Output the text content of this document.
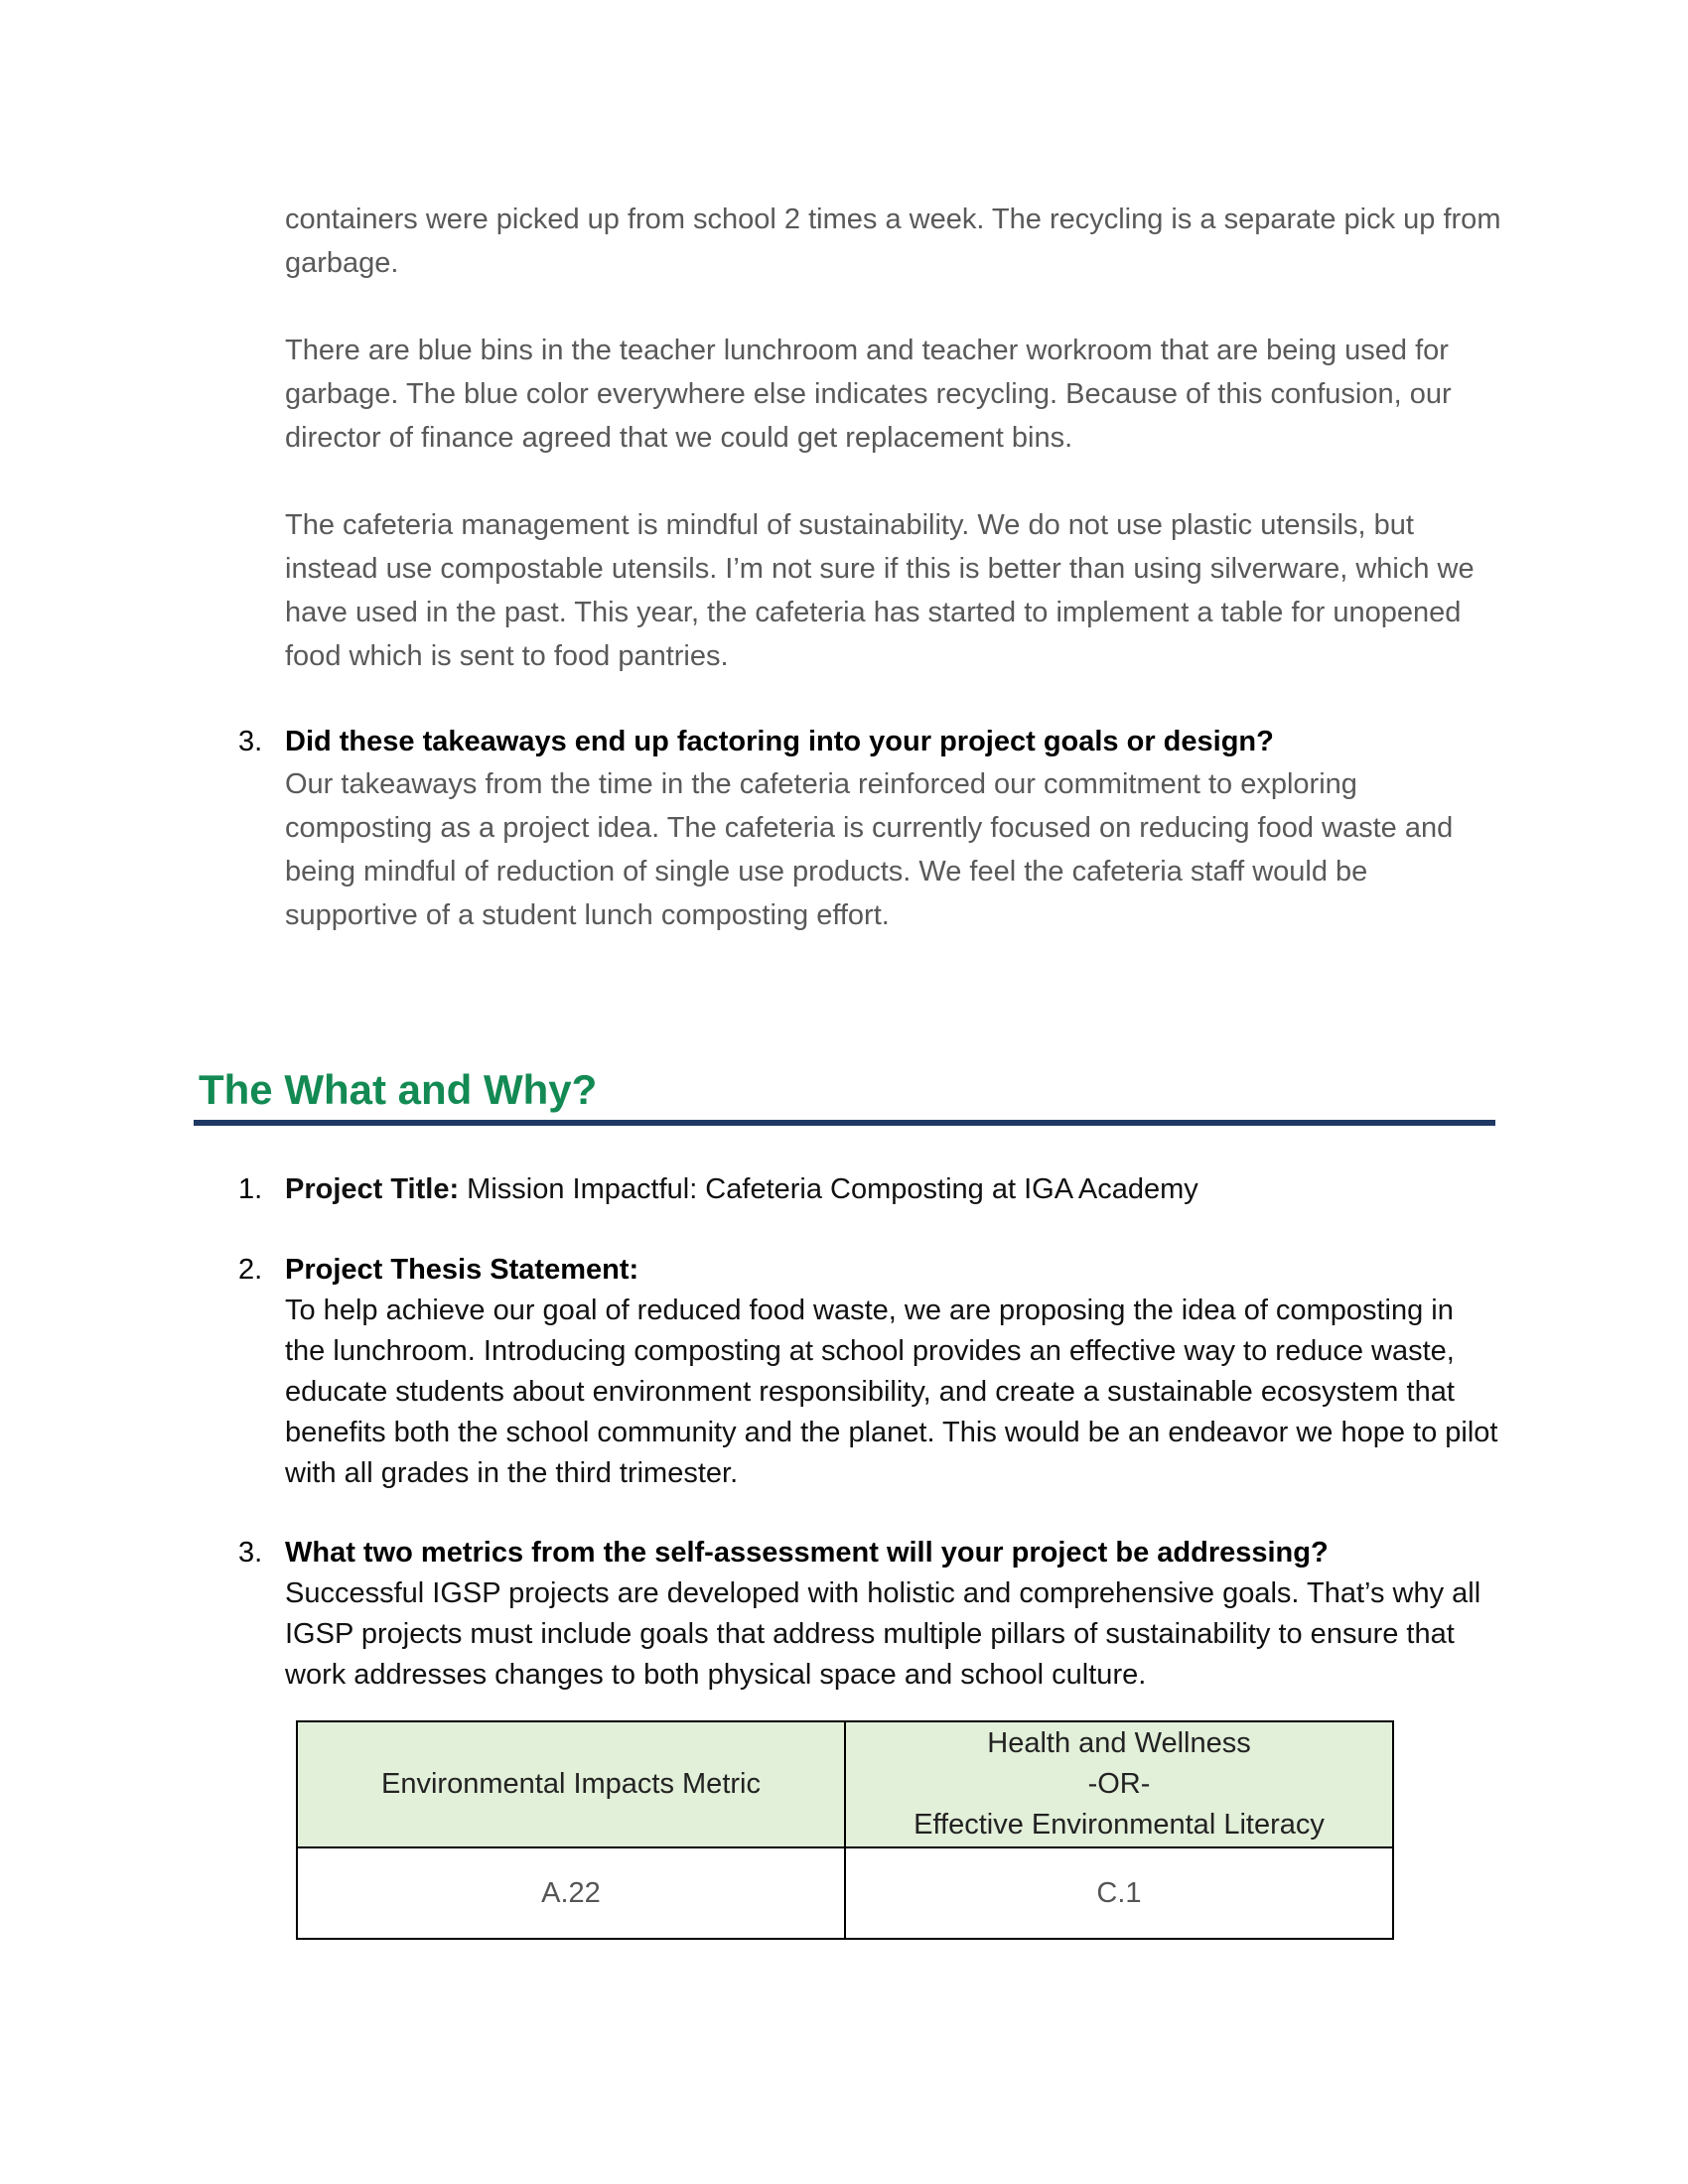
containers were picked up from school 2 times a week. The recycling is a separate pick up from garbage.

There are blue bins in the teacher lunchroom and teacher workroom that are being used for garbage. The blue color everywhere else indicates recycling. Because of this confusion, our director of finance agreed that we could get replacement bins.

The cafeteria management is mindful of sustainability. We do not use plastic utensils, but instead use compostable utensils. I’m not sure if this is better than using silverware, which we have used in the past. This year, the cafeteria has started to implement a table for unopened food which is sent to food pantries.

3. Did these takeaways end up factoring into your project goals or design?

Our takeaways from the time in the cafeteria reinforced our commitment to exploring composting as a project idea. The cafeteria is currently focused on reducing food waste and being mindful of reduction of single use products. We feel the cafeteria staff would be supportive of a student lunch composting effort.

The What and Why?
1. Project Title: Mission Impactful: Cafeteria Composting at IGA Academy

2. Project Thesis Statement:

To help achieve our goal of reduced food waste, we are proposing the idea of composting in the lunchroom. Introducing composting at school provides an effective way to reduce waste, educate students about environment responsibility, and create a sustainable ecosystem that benefits both the school community and the planet. This would be an endeavor we hope to pilot with all grades in the third trimester.

3. What two metrics from the self-assessment will your project be addressing?

Successful IGSP projects are developed with holistic and comprehensive goals. That’s why all IGSP projects must include goals that address multiple pillars of sustainability to ensure that work addresses changes to both physical space and school culture.

Environmental Impacts Metric	Health and Wellness
-OR-
Effective Environmental Literacy

A.22	C.1
